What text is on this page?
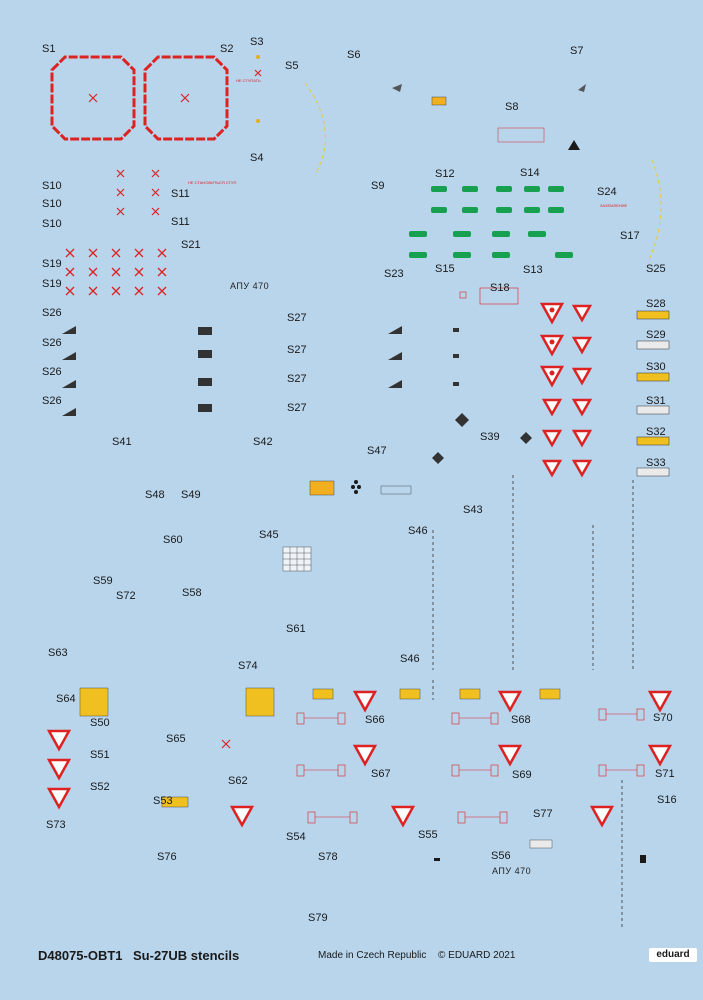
S1	S2
S3
S4
S5
S6	S7
S8
S9
S10
S10
S10
S11
S11
S12
S13
S14
S15
S17
S18
S19
S19
S21
S23
S24
S25
S26
S26
S26
S26
S27
S27
S27
S27
S28
S29
S30
S31
S32
S33
S39
S41	S42
S43
S45	S46
S46
S47
S48 S49
S50
S51
S52
S53
S54	S55
S56
S58
S59
S60
S61
S62
S63
S64
S65
S66
S67
S68
S69
S70
S71
S72
S73
S74
S76
S77
S78
S79
S16
АПУ 470
АПУ 470
НЕ СТУПАТЬ
НЕ СТАНОВИТЬСЯ СТУП
ЗАЗЕМЛЕНИЕ
D48075-OBT1 Su-27UB stencils	Made in Czech Republic © EDUARD 2021	eduard
